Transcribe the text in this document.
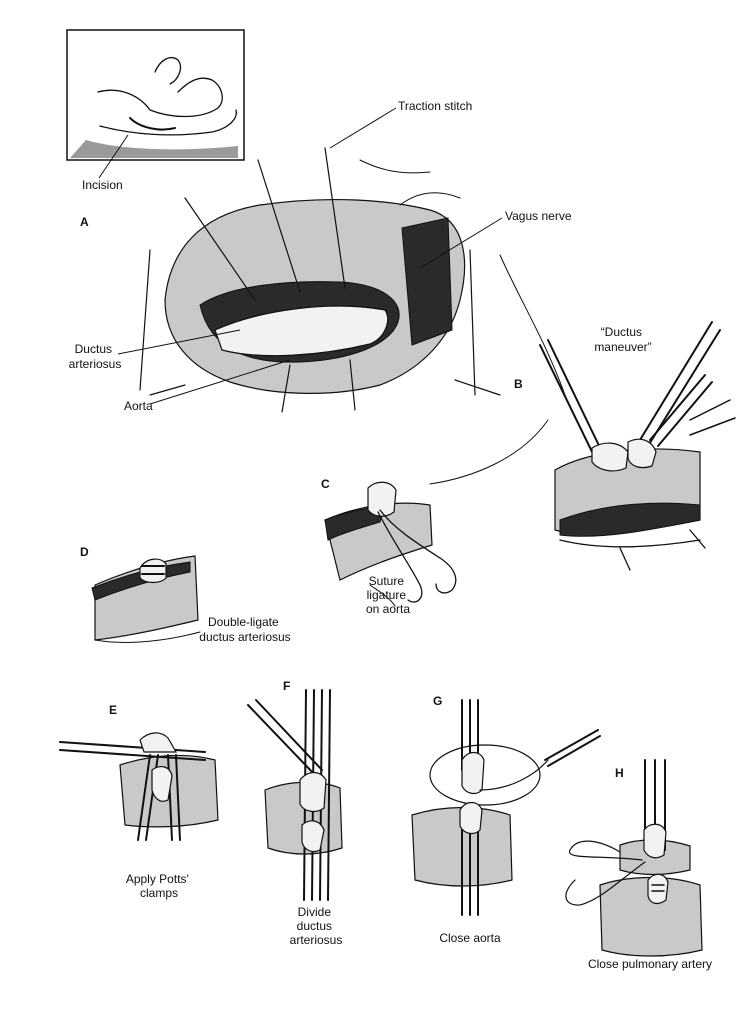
A
B
C
D
E
F
G
H
Traction stitch
Vagus nerve
Incision
Ductus arteriosus
Aorta
“Ductus maneuver”
Suture ligature on aorta
Double-ligate ductus arteriosus
Apply Potts' clamps
Divide ductus arteriosus	Close aorta
Close pulmonary artery
